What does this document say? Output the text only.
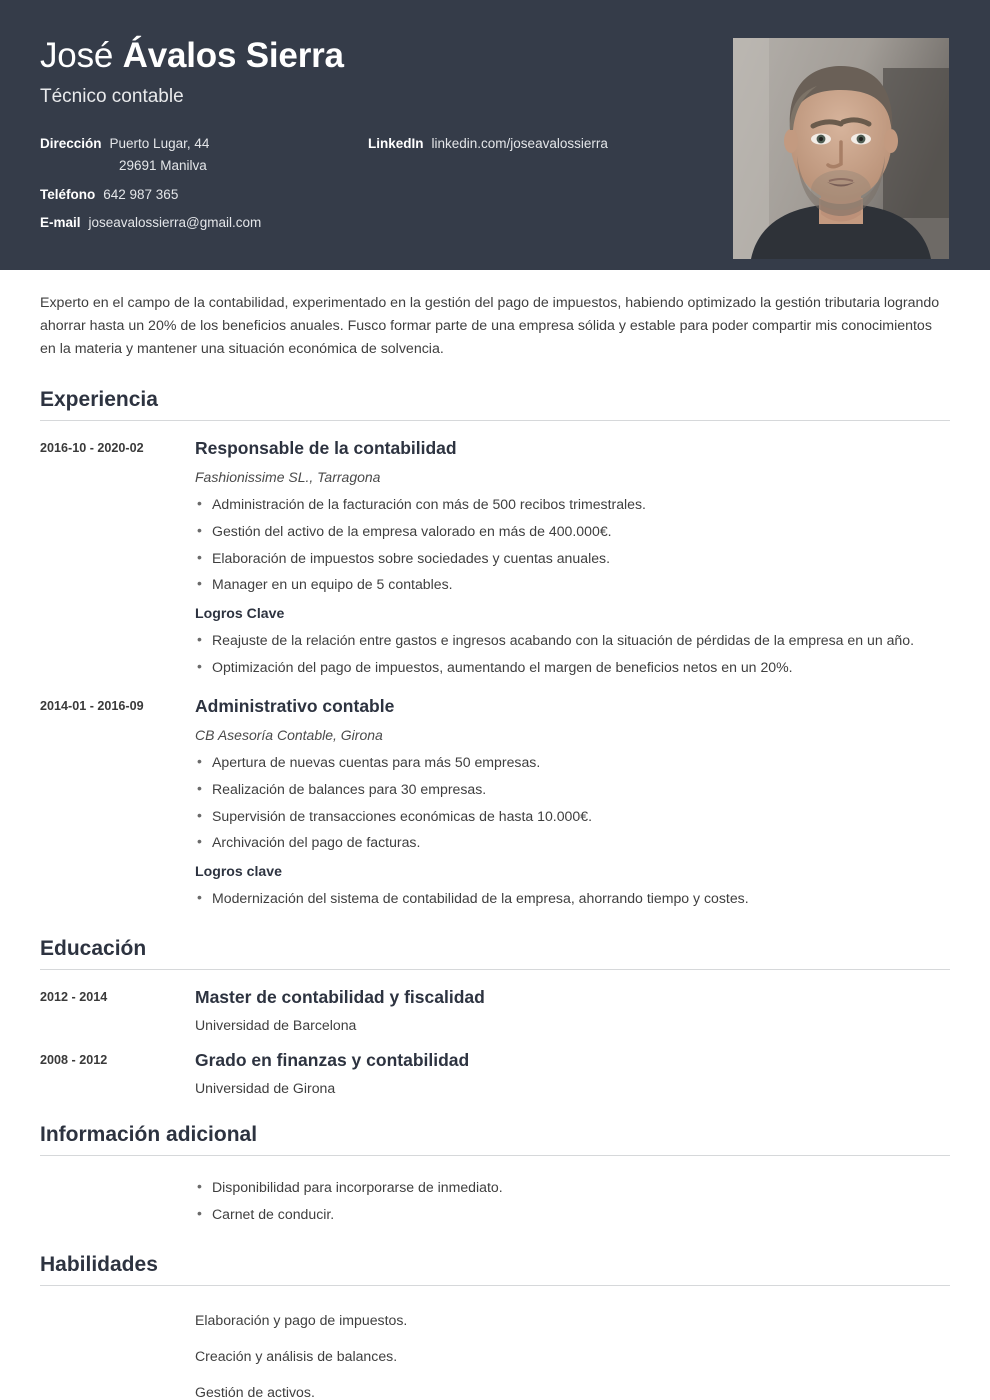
José Ávalos Sierra
Técnico contable
Dirección Puerto Lugar, 44
29691 Manilva
Teléfono 642 987 365
E-mail joseavalossierra@gmail.com
LinkedIn linkedin.com/joseavalossierra

Experto en el campo de la contabilidad, experimentado en la gestión del pago de impuestos, habiendo optimizado la gestión tributaria logrando ahorrar hasta un 20% de los beneficios anuales. Fusco formar parte de una empresa sólida y estable para poder compartir mis conocimientos en la materia y mantener una situación económica de solvencia.

Experiencia
2016-10 - 2020-02	Responsable de la contabilidad
Fashionissime SL., Tarragona
• Administración de la facturación con más de 500 recibos trimestrales.
• Gestión del activo de la empresa valorado en más de 400.000€.
• Elaboración de impuestos sobre sociedades y cuentas anuales.
• Manager en un equipo de 5 contables.
Logros Clave
• Reajuste de la relación entre gastos e ingresos acabando con la situación de pérdidas de la empresa en un año.
• Optimización del pago de impuestos, aumentando el margen de beneficios netos en un 20%.
2014-01 - 2016-09	Administrativo contable
CB Asesoría Contable, Girona
• Apertura de nuevas cuentas para más 50 empresas.
• Realización de balances para 30 empresas.
• Supervisión de transacciones económicas de hasta 10.000€.
• Archivación del pago de facturas.
Logros clave
• Modernización del sistema de contabilidad de la empresa, ahorrando tiempo y costes.
Educación
2012 - 2014	Master de contabilidad y fiscalidad
Universidad de Barcelona
2008 - 2012	Grado en finanzas y contabilidad
Universidad de Girona
Información adicional
• Disponibilidad para incorporarse de inmediato.
• Carnet de conducir.
Habilidades
Elaboración y pago de impuestos.
Creación y análisis de balances.
Gestión de activos.
